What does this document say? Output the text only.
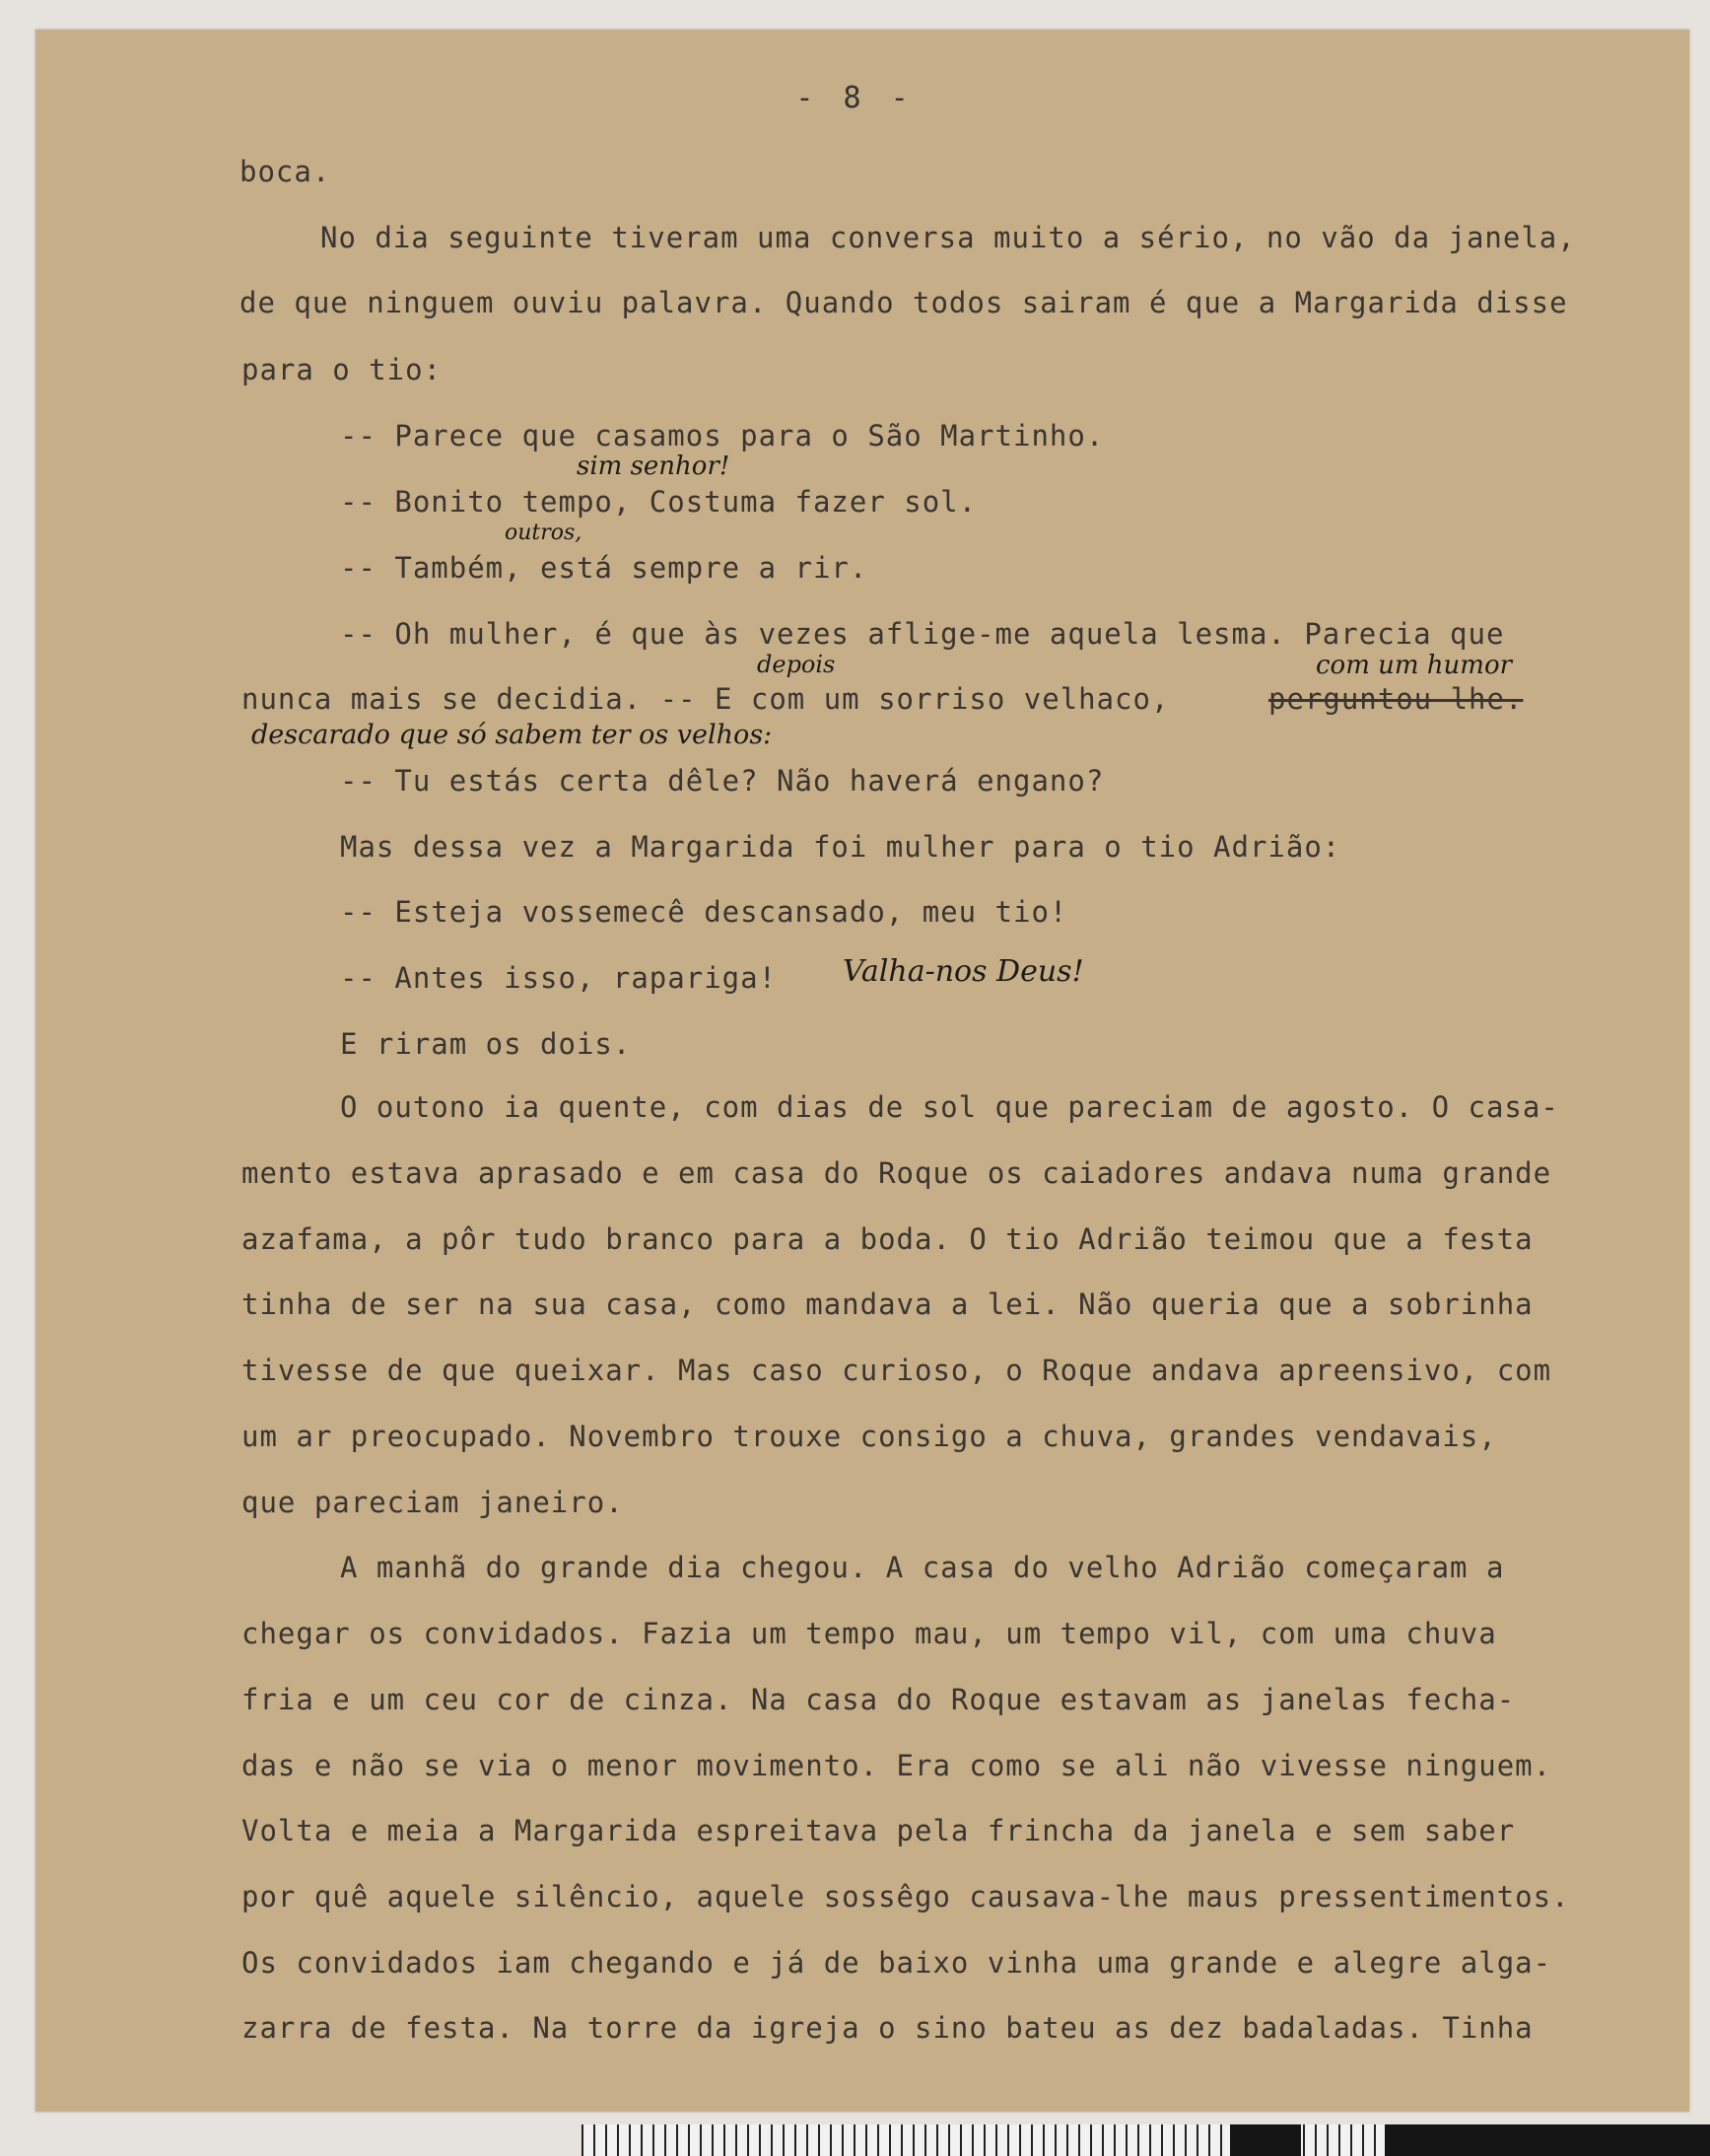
- 8 -
boca.
No dia seguinte tiveram uma conversa muito a sério, no vão da janela,
de que ninguem ouviu palavra. Quando todos sairam é que a Margarida disse
para o tio:
-- Parece que casamos para o São Martinho.
-- Bonito tempo, Costuma fazer sol.
-- Também, está sempre a rir.
-- Oh mulher, é que às vezes aflige-me aquela lesma. Parecia que
nunca mais se decidia. -- E com um sorriso velhaco,	perguntou-lhe.
-- Tu estás certa dêle? Não haverá engano?
Mas dessa vez a Margarida foi mulher para o tio Adrião:
-- Esteja vossemecê descansado, meu tio!
-- Antes isso, rapariga!
E riram os dois.
O outono ia quente, com dias de sol que pareciam de agosto. O casa-
mento estava aprasado e em casa do Roque os caiadores andava numa grande
azafama, a pôr tudo branco para a boda. O tio Adrião teimou que a festa
tinha de ser na sua casa, como mandava a lei. Não queria que a sobrinha
tivesse de que queixar. Mas caso curioso, o Roque andava apreensivo, com
um ar preocupado. Novembro trouxe consigo a chuva, grandes vendavais,
que pareciam janeiro.
A manhã do grande dia chegou. A casa do velho Adrião começaram a
chegar os convidados. Fazia um tempo mau, um tempo vil, com uma chuva
fria e um ceu cor de cinza. Na casa do Roque estavam as janelas fecha-
das e não se via o menor movimento. Era como se ali não vivesse ninguem.
Volta e meia a Margarida espreitava pela frincha da janela e sem saber
por quê aquele silêncio, aquele sossêgo causava-lhe maus pressentimentos.
Os convidados iam chegando e já de baixo vinha uma grande e alegre alga-
zarra de festa. Na torre da igreja o sino bateu as dez badaladas. Tinha
sim senhor!
outros,
depois	com um humor
descarado que só sabem ter os velhos:
Valha-nos Deus!
